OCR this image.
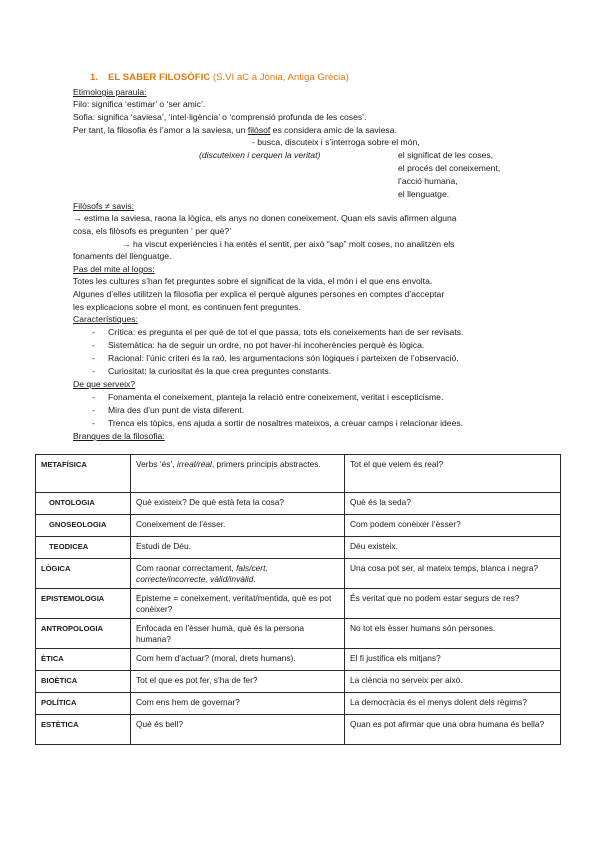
1. EL SABER FILOSÒFIC (S.VI aC a Jònia, Antiga Grècia)
Etimologia paraula:
Filo: significa ‘estimar’ o ‘ser amic’.
Sofia: significa ‘saviesa’, ‘intel·ligència’ o ‘comprensió profunda de les coses’.
Per tant, la filosofia és l’amor a la saviesa, un filòsof es considera amic de la saviesa.
- busca, discuteix i s’interroga sobre el món,
(discuteixen i cerquen la veritat)	el significat de les coses,
el procés del coneixement,
l’acció humana,
el llenguatge.
Filòsofs ≠ savis:
→ estima la saviesa, raona la lògica, els anys no donen coneixement. Quan els savis afirmen alguna
cosa, els filòsofs es pregunten ‘ per què?’
→ ha viscut experiències i ha entès el sentit, per això “sap” molt coses, no analitzen els
fonaments del llenguatge.
Pas del mite al logos:
Totes les cultures s’han fet preguntes sobre el significat de la vida, el món i el que ens envolta.
Algunes d’elles utilitzen la filosofia per explica el perquè algunes persones en comptes d’acceptar
les explicacions sobre el mont, es continuen fent preguntes.
Característiques:
- Crítica: es pregunta el per què de tot el que passa, tots els coneixements han de ser revisats.
- Sistemàtica: ha de seguir un ordre, no pot haver-hi incoherències perquè és lògica.
- Racional: l’únic criteri és la raó, les argumentacions són lògiques i parteixen de l’observació.
- Curiositat: la curiositat és la que crea preguntes constants.
De que serveix?
- Fonamenta el coneixement, planteja la relació entre coneixement, veritat i escepticisme.
- Mira des d’un punt de vista diferent.
- Trenca els tòpics, ens ajuda a sortir de nosaltres mateixos, a creuar camps i relacionar idees.
Branques de la filosofia:
METAFÍSICA	Verbs ‘és’, irreal/real, primers principis abstractes.	Tot el que veiem és real?
ONTOLOGIA	Què existeix? De què està feta la cosa?	Què és la seda?
GNOSEOLOGIA	Coneixement de l’èsser.	Com podem conèixer l’èsser?
TEODICEA	Estudi de Déu.	Déu existeix.
LÒGICA	Com raonar correctament, fals/cert, correcte/incorrecte, vàlid/invàlid.	Una cosa pot ser, al mateix temps, blanca i negra?
EPISTEMOLOGIA	Episteme = coneixement, veritat/mentida, què es pot conèixer?	És veritat que no podem estar segurs de res?
ANTROPOLOGIA	Enfocada en l’èsser humà, què és la persona humana?	No tot els èsser humans són persones.
ÈTICA	Com hem d’actuar? (moral, drets humans).	El fi justifica els mitjans?
BIOÈTICA	Tot el que es pot fer, s’ha de fer?	La ciència no serveix per això.
POLÍTICA	Com ens hem de governar?	La democràcia és el menys dolent dels règims?
ESTÈTICA	Què és bell?	Quan es pot afirmar que una obra humana és bella?
